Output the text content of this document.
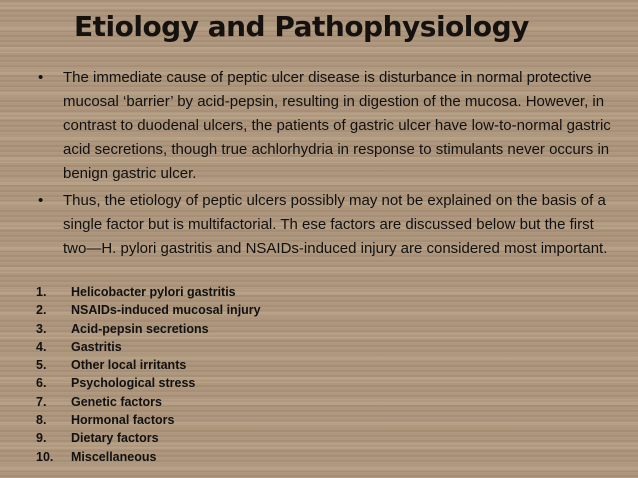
Etiology and Pathophysiology
• The immediate cause of peptic ulcer disease is disturbance in normal protective mucosal ‘barrier’ by acid-pepsin, resulting in digestion of the mucosa. However, in contrast to duodenal ulcers, the patients of gastric ulcer have low-to-normal gastric acid secretions, though true achlorhydria in response to stimulants never occurs in benign gastric ulcer.
• Thus, the etiology of peptic ulcers possibly may not be explained on the basis of a single factor but is multifactorial. Th ese factors are discussed below but the first two—H. pylori gastritis and NSAIDs-induced injury are considered most important.
1. Helicobacter pylori gastritis
2. NSAIDs-induced mucosal injury
3. Acid-pepsin secretions
4. Gastritis
5. Other local irritants
6. Psychological stress
7. Genetic factors
8. Hormonal factors
9. Dietary factors
10. Miscellaneous
